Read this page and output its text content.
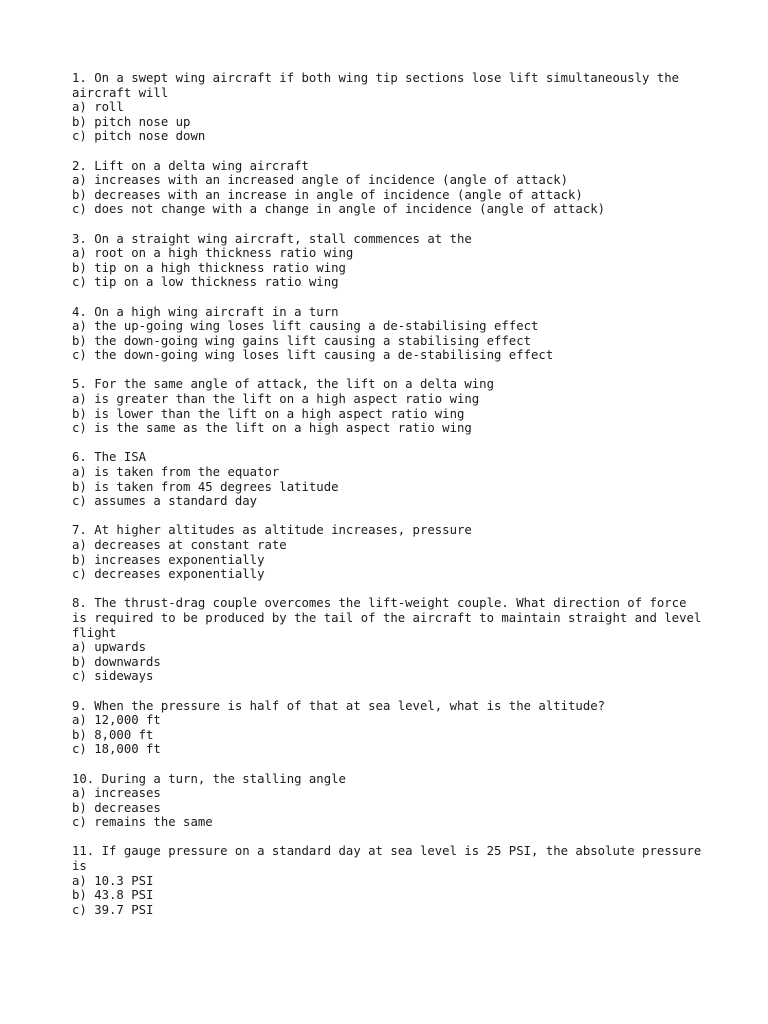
1. On a swept wing aircraft if both wing tip sections lose lift simultaneously the aircraft will
a) roll
b) pitch nose up
c) pitch nose down
2. Lift on a delta wing aircraft
a) increases with an increased angle of incidence (angle of attack)
b) decreases with an increase in angle of incidence (angle of attack)
c) does not change with a change in angle of incidence (angle of attack)
3. On a straight wing aircraft, stall commences at the
a) root on a high thickness ratio wing
b) tip on a high thickness ratio wing
c) tip on a low thickness ratio wing
4. On a high wing aircraft in a turn
a) the up-going wing loses lift causing a de-stabilising effect
b) the down-going wing gains lift causing a stabilising effect
c) the down-going wing loses lift causing a de-stabilising effect
5. For the same angle of attack, the lift on a delta wing
a) is greater than the lift on a high aspect ratio wing
b) is lower than the lift on a high aspect ratio wing
c) is the same as the lift on a high aspect ratio wing
6. The ISA
a) is taken from the equator
b) is taken from 45 degrees latitude
c) assumes a standard day
7. At higher altitudes as altitude increases, pressure
a) decreases at constant rate
b) increases exponentially
c) decreases exponentially
8. The thrust-drag couple overcomes the lift-weight couple. What direction of force is required to be produced by the tail of the aircraft to maintain straight and level flight
a) upwards
b) downwards
c) sideways
9. When the pressure is half of that at sea level, what is the altitude?
a) 12,000 ft
b) 8,000 ft
c) 18,000 ft
10. During a turn, the stalling angle
a) increases
b) decreases
c) remains the same
11. If gauge pressure on a standard day at sea level is 25 PSI, the absolute pressure is
a) 10.3 PSI
b) 43.8 PSI
c) 39.7 PSI
